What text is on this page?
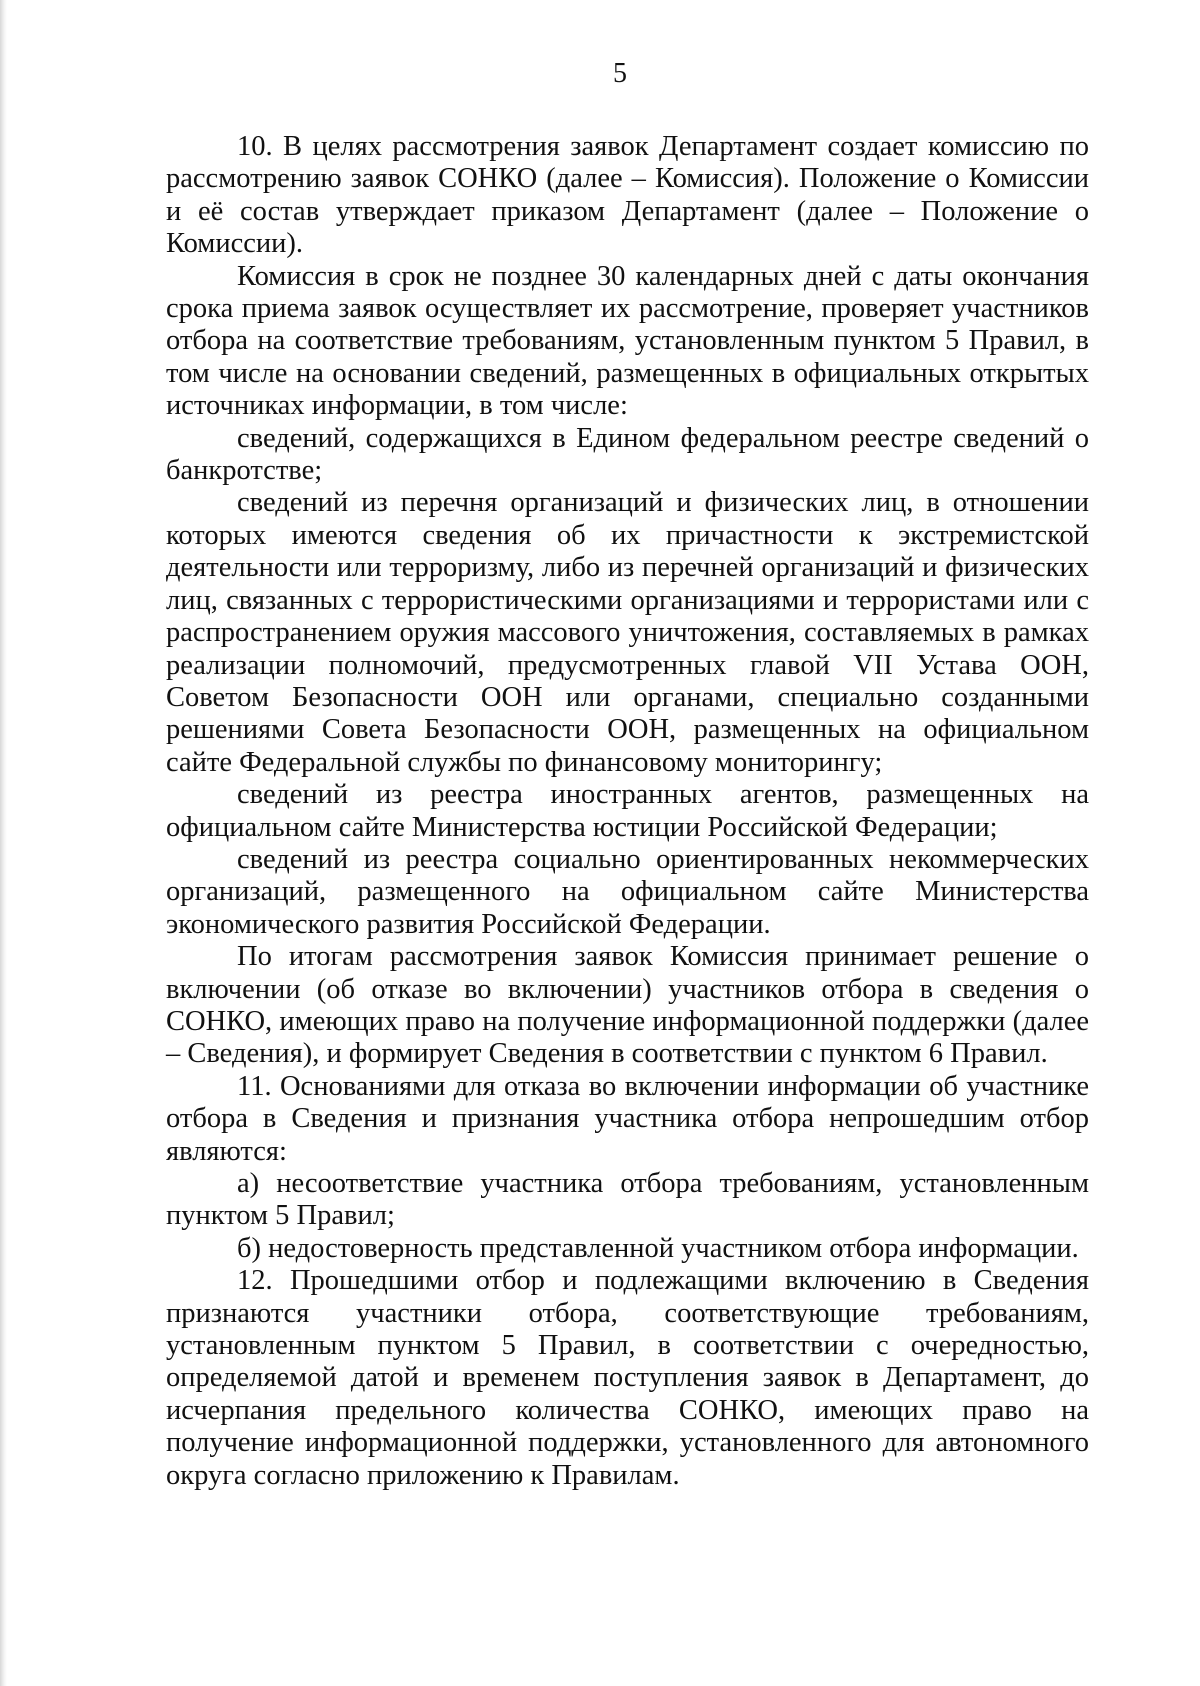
5

10. В целях рассмотрения заявок Департамент создает комиссию по рассмотрению заявок СОНКО (далее – Комиссия). Положение о Комиссии и её состав утверждает приказом Департамент (далее – Положение о Комиссии).

Комиссия в срок не позднее 30 календарных дней с даты окончания срока приема заявок осуществляет их рассмотрение, проверяет участников отбора на соответствие требованиям, установленным пунктом 5 Правил, в том числе на основании сведений, размещенных в официальных открытых источниках информации, в том числе:

сведений, содержащихся в Едином федеральном реестре сведений о банкротстве;

сведений из перечня организаций и физических лиц, в отношении которых имеются сведения об их причастности к экстремистской деятельности или терроризму, либо из перечней организаций и физических лиц, связанных с террористическими организациями и террористами или с распространением оружия массового уничтожения, составляемых в рамках реализации полномочий, предусмотренных главой VII Устава ООН, Советом Безопасности ООН или органами, специально созданными решениями Совета Безопасности ООН, размещенных на официальном сайте Федеральной службы по финансовому мониторингу;

сведений из реестра иностранных агентов, размещенных на официальном сайте Министерства юстиции Российской Федерации;

сведений из реестра социально ориентированных некоммерческих организаций, размещенного на официальном сайте Министерства экономического развития Российской Федерации.

По итогам рассмотрения заявок Комиссия принимает решение о включении (об отказе во включении) участников отбора в сведения о СОНКО, имеющих право на получение информационной поддержки (далее – Сведения), и формирует Сведения в соответствии с пунктом 6 Правил.

11. Основаниями для отказа во включении информации об участнике отбора в Сведения и признания участника отбора непрошедшим отбор являются:

а) несоответствие участника отбора требованиям, установленным пунктом 5 Правил;

б) недостоверность представленной участником отбора информации.

12. Прошедшими отбор и подлежащими включению в Сведения признаются участники отбора, соответствующие требованиям, установленным пунктом 5 Правил, в соответствии с очередностью, определяемой датой и временем поступления заявок в Департамент, до исчерпания предельного количества СОНКО, имеющих право на получение информационной поддержки, установленного для автономного округа согласно приложению к Правилам.
